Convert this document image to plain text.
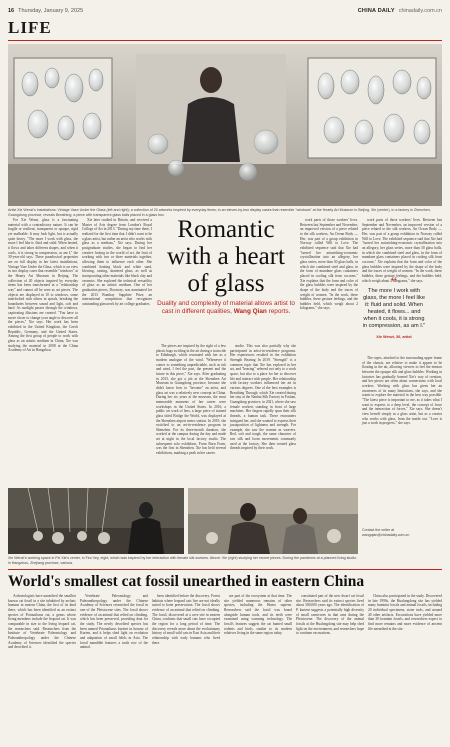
16 Thursday, January 9, 2025	CHINA DAILY chinadaily.com.cn
LIFE
Artist Xie Wenzi's installations: Vintage Vase Under the Glass (left and right); a collection of 20 artworks inspired by everyday items; in an eleven-by-two display cases that resemble "windows" at the Hearty Art Museum in Beijing. Xie (center), in a factory in Zhenzhen, Guangdong province, reveals Breathing, a piece with transparent glass balls placed in a glass box.

For Xie Wenzi, glass is a fascinating material with a contradictory nature. It can be fragile or resilient, transparent or opaque, rigid yet malleable. It may look light, but is actually quite heavy. "The more I work with glass, the more I feel like it: fluid and solid. When heated, it flows and takes different shapes, and when it cools, it is strong in compression, as am I," the 30-year-old says. These paradoxical properties are on full display in her latest installations, Vintage Vase Under the Glass, which is on view in two display cases that resemble "windows" at the Hearty Art Museum in Beijing. The collection of 20 objects inspired by everyday items has been transformed in a "relationship way" and cannot all be seen as art pieces. The objects are displayed in 10 to windows, some interlocked with others in spirals, breaking the boundaries between sound and light, soft and hard. As sunlight passes through the windows, captivating illusions are created. "You have to move closer to change your angle to discover all the pieces," Xie says. Her work has been exhibited in the United Kingdom, the Czech Republic, Germany, and the United States. Among the first group of people to work with glass as an artistic medium in China, Xie was studying the material in 2008 at the China Academy of Art in Hangzhou.

Xie later studied in Britain, and received a Master of Arts degree from London's Royal College of Art in 2013. "During my time there, I realized for the first time that I didn't want to be a glass artist, but rather an artist who works with glass as a medium," Xie says. During her postgraduate studies, she began to find her creative footing in the world of art, the fruit of working with two or three materials together, allowing them to influence each other. She combined heating black and white sand, blowing, casting, shattered glass, as well as incorporating other materials like black clay and ceramics. She explored the technical versatility of glass as an artistic medium. One of her graduation pieces, Doorway, was nominated for the 2013 Bombay Sapphire Prize, an international competition that recognizes outstanding glasswork by art college graduates.

The pieces are inspired by the sight of a few plastic bags swirling in the air during a train ride to Edinburgh, which resonated with her as a modern analogue of the wind. "Whenever it comes to something unpredictable, such as ink and wind, I feel the past, the present and the future in this piece," Xie says. After graduating in 2013, she got a job at the Shenzhen Art Museum in Guangdong province, because she didn't know how to "become" an artist, and glass art was a relatively new concept in China. During her six years at the museum, the most memorable moments of her career were workshops in the United States. In 2016, a public art work of hers, a large piece of stained glass titled Bridge the World, was displayed at the Shenzhen airport metro station. In 2019, she switched to an art-in-residence program in Shenzhen. For its three-month duration, she worked at the campus during the day and made art at night in the local factory studio. The subsequent solo exhibition, Form Born Form, was the first in Shenzhen. Xie has held several exhibitions, marking a peak in her career.

studio. This was also partially why she participated in artist-in-residence programs. Her experiences resulted in the exhibition Strength Bearing In 2019. "Strength" is a common topic that Xie has explored in her art, and "bearing" referred not only to a work space, but also to a place for her to discover life and interact with people. Her relationship with factory workers influenced her art in various degrees. One of the best examples is Breathing Through, which Xie created during her stay at the Nanhai Silk Factory in Foshan, Guangdong province, in 2021, where she saw female workers standing in front of large machines. Her fingers rapidly spun their silk threads, a human task. These encounters intrigued her, and she wanted to express their juxtaposition of lightness and strength. For example, she saw the women as weavers. Red, soft and tough, the same character of raw silk and loom movements commonly used at the factory. She then created glass threads inspired by their work.

work parts of those workers' lives. Between last September and November, an improved version of a piece related to the silk workers, An Ocean Body — Her, was part of a group exhibition in Norway called Will to Love. The exhibited sequence said that Xie had "turned her astonishing-economic crystallization into an allegory, her glass series, more than 30 glass balls, in which she combined steel and glass, in the form of mundane glass containers placed in cooling silk from cocoons." Xie explains that the form and color of the glass bubbles were inspired by the shape of the body and the traces of weight of women. "In the work, these bubbles, these gesture feelings, and the bubbles held, which weigh about 2 kilograms," she says.

work parts of those workers' lives. Between last September and November, an improved version of a piece related to the silk workers, An Ocean Body — Her, was part of a group exhibition in Norway called Will to Love. The exhibited sequence said that Xie had "turned her astonishing-economic crystallization into an allegory, her glass series, more than 30 glass balls, in which she combined steel and glass, in the form of mundane glass containers placed in cooling silk from cocoons." Xie explains that the form and color of the glass bubbles were inspired by the shape of the body and the traces of weight of women. "In the work, these bubbles, these gesture feelings, and the bubbles held, which weigh about 2 kilograms," she says.

The ropes, attached to the surrounding upper frame of the chassis, are relative to make it appear to be floating in the air, allowing viewers to feel the tension between the opaque silk and glass bubbles. Working in factories has gradually formed Xie's way of creation, and her pieces are often about connections with local workers. Working with glass has given her an awareness of its many limitations, she says, and she wants to explore the material in the best way possible. "The latest piece is important to me, as it takes what I want to express to a deep level, the concept of force and the interaction of forces," Xie says. She doesn't view herself simply as a glass artist, but as a creator who works with glass, from the inside out. "Love is just a work in progress," she says.

Romantic with a heart of glass
Duality and complexity of material allows artist to cast in different qualities, Wang Qian reports.
“
The more I work with glass, the more I feel like it: fluid and solid. When heated, it flows... and when it cools, it is strong in compression, as am I."
Xie Wenzi, 30, artist
Xie Wenzi's working space in Fei Xie's center, in Feo Vey, eight, which was inspired by her interaction with female silk workers. Above: Xie (right) studying her recent pieces. During the pandemic at a planned living studio in Hangzhou, Zhejiang province, various.
Contact the writer at wangqian@chinadaily.com.cn
World's smallest cat fossil unearthed in eastern China

Archaeologists have unearthed the smallest known cat fossil in a site inhabited by archaic humans in eastern China, the first of its kind there, which has been identified as an extinct species of Prionailurus cat, a genus whose living members include the leopard cat. It was comparable in size to the living leopard cat, the researchers said. Researchers from the Institute of Vertebrate Paleontology and Paleoanthropology under the Chinese Academy of Sciences identified the species and described it.

Vertebrate Paleontology and Paleoanthropology under the Chinese Academy of Sciences researched the fossil in one of the Pleistocene sites. The fossil shows evidence of an animal that relied on climbing, which has been preserved, providing data for the study. The newly described species has been named Prionailurus kurteni in honour of Kurten, and it helps shed light on evolution and adaptation of small felids in Asia. The fossil mandible features a tooth row of the animal.

been identified before the discovery. Forest habitats where leopard cats live are not ideally suited to bone preservation. The fossil shows evidence of an animal that relied on climbing. The fossil, discovered at a cave site in eastern China, confirms that small cats have occupied the region for a long period of time. The discovery reveals more about the evolutionary history of small wild cats in East Asia and their relationship with early humans who lived there.

are part of the ecosystem at that time. The site yielded numerous remains of other species, including the Homo sapiens. Researchers said the fossil was found alongside human tools, and its teeth were examined using scanning technology. The fossil's features suggest the cat hunted small rodents and birds, similar to its modern relatives living in the same region today.

constituted part of the new dwarf cat fossil site. Researchers said its extinct species lived about 300,000 years ago. The identification of P. kurteni suggests a potentially high diversity of small carnivores in that area during the Pleistocene. The discovery of the animal fossils at the Hualongdong site may help shed light on the environment, and researchers hope to continue excavations.

China also participated in the study. Discovered in late 1990s, the Hualongdong site has yielded many hominin fossils and animal fossils, including 20 individual specimens, stone tools, and around 40 other artifacts. Excavations have yielded more than 30 hominin fossils, and researchers expect to find more remains and more evidence of ancient life unearthed at the site.
